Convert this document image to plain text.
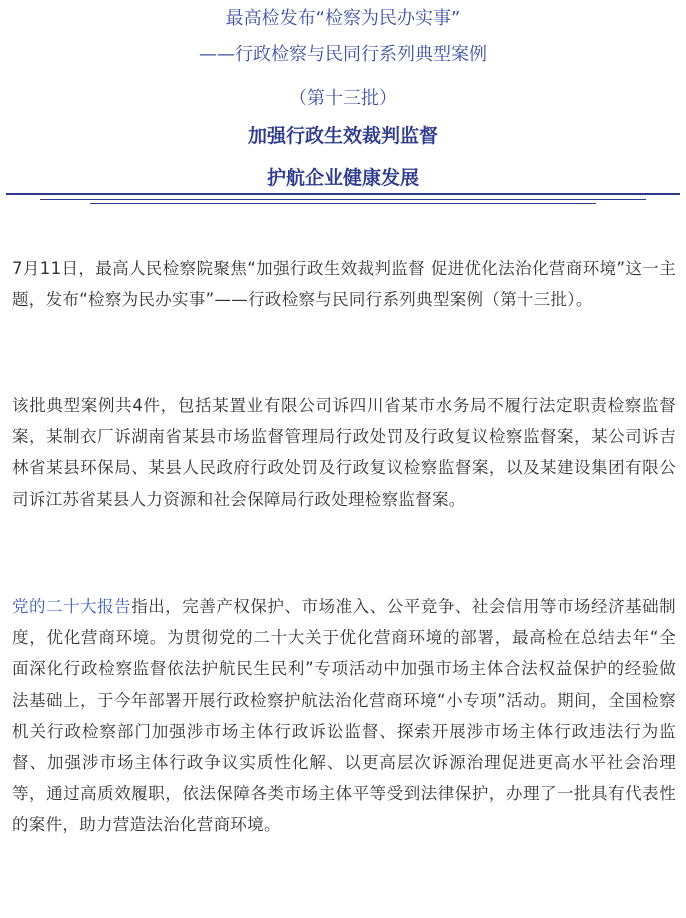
最高检发布“检察为民办实事”
——行政检察与民同行系列典型案例
（第十三批）
加强行政生效裁判监督
护航企业健康发展
7月11日，最高人民检察院聚焦“加强行政生效裁判监督 促进优化法治化营商环境”这一主题，发布“检察为民办实事”——行政检察与民同行系列典型案例（第十三批）。
该批典型案例共4件，包括某置业有限公司诉四川省某市水务局不履行法定职责检察监督案，某制衣厂诉湖南省某县市场监督管理局行政处罚及行政复议检察监督案，某公司诉吉林省某县环保局、某县人民政府行政处罚及行政复议检察监督案，以及某建设集团有限公司诉江苏省某县人力资源和社会保障局行政处理检察监督案。
党的二十大报告指出，完善产权保护、市场准入、公平竞争、社会信用等市场经济基础制度，优化营商环境。为贯彻党的二十大关于优化营商环境的部署，最高检在总结去年“全面深化行政检察监督依法护航民生民利”专项活动中加强市场主体合法权益保护的经验做法基础上，于今年部署开展行政检察护航法治化营商环境“小专项”活动。期间，全国检察机关行政检察部门加强涉市场主体行政诉讼监督、探索开展涉市场主体行政违法行为监督、加强涉市场主体行政争议实质性化解、以更高层次诉源治理促进更高水平社会治理等，通过高质效履职，依法保障各类市场主体平等受到法律保护，办理了一批具有代表性的案件，助力营造法治化营商环境。
